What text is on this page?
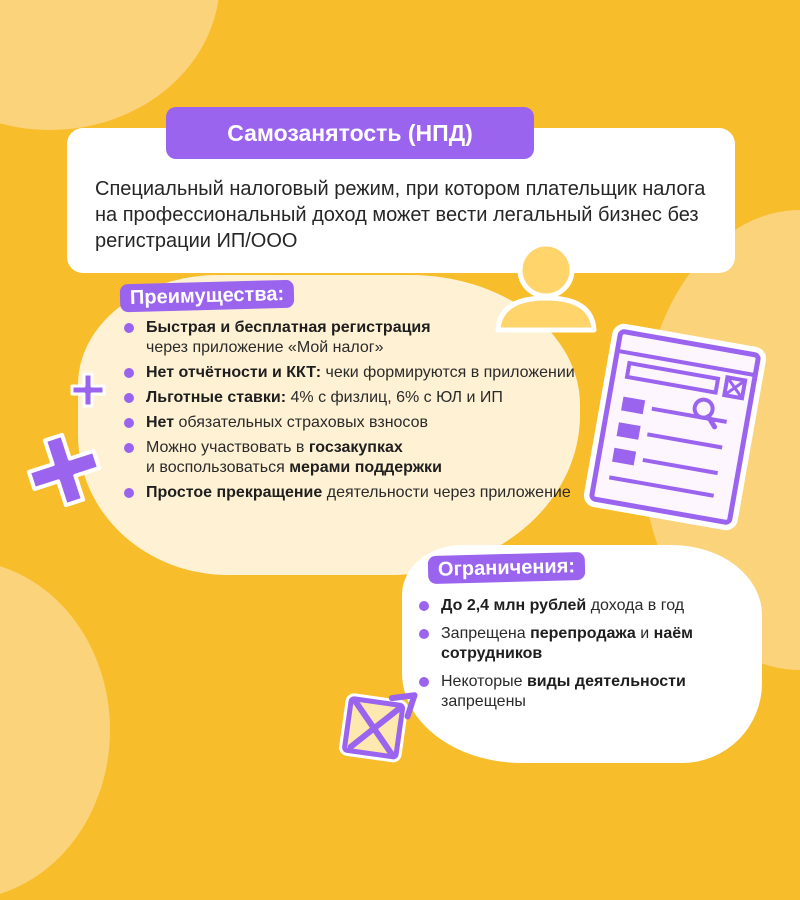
Самозанятость (НПД)
Специальный налоговый режим, при котором плательщик налога на профессиональный доход может вести легальный бизнес без регистрации ИП/ООО
Преимущества:
Быстрая и бесплатная регистрация
через приложение «Мой налог»
Нет отчётности и ККТ: чеки формируются в приложении
Льготные ставки: 4% с физлиц, 6% с ЮЛ и ИП
Нет обязательных страховых взносов
Можно участвовать в госзакупках
и воспользоваться мерами поддержки
Простое прекращение деятельности через приложение
Ограничения:
До 2,4 млн рублей дохода в год
Запрещена перепродажа и наём сотрудников
Некоторые виды деятельности запрещены
